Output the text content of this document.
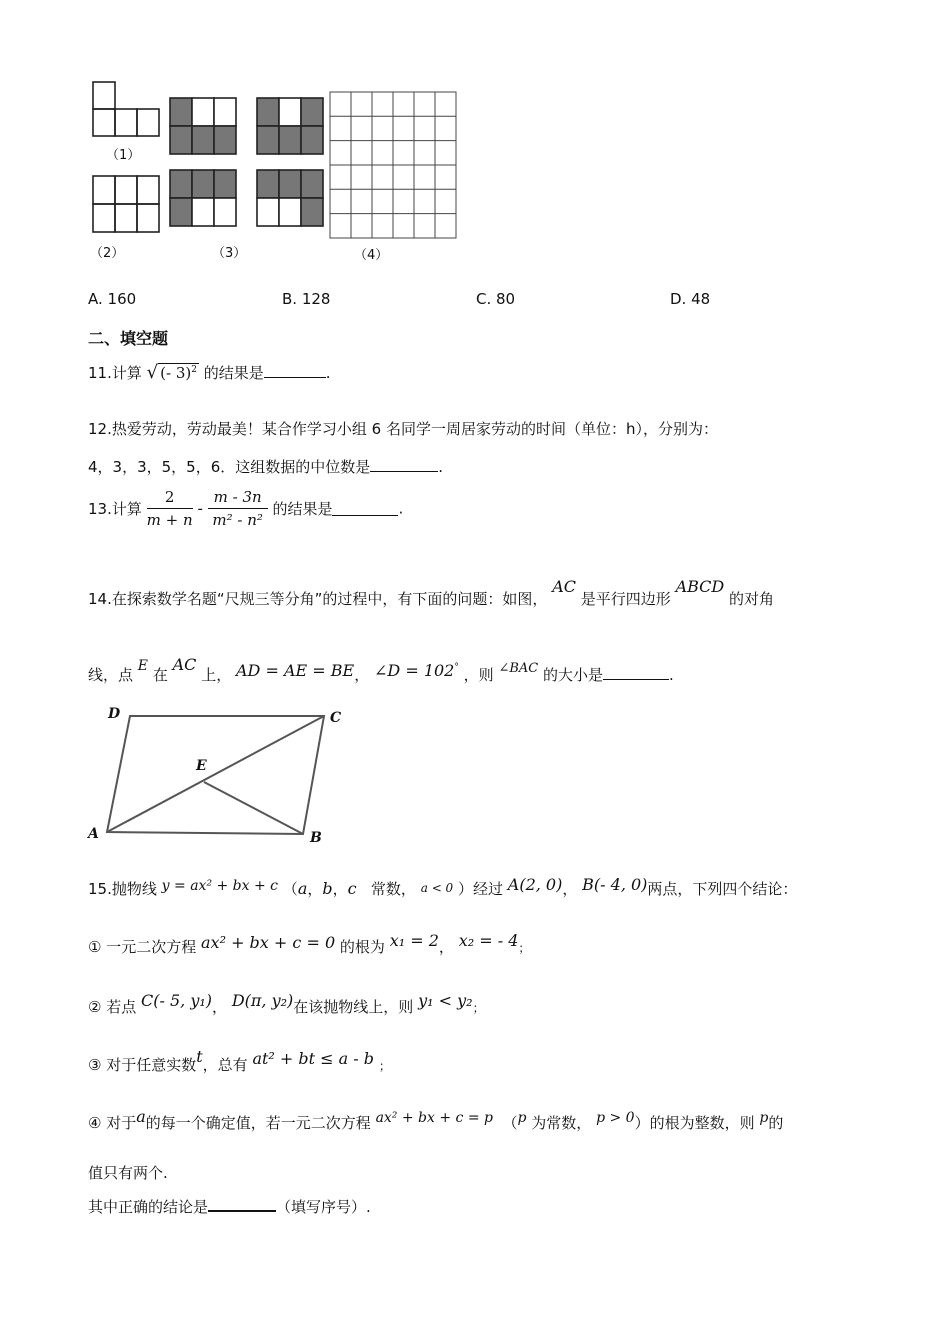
（1）
（2）	（3）	（4）
A. 160	B. 128	C. 80	D. 48
二、填空题
11.计算 √ (- 3)$^2$ 的结果是	.
12.热爱劳动，劳动最美！某合作学习小组 6 名同学一周居家劳动的时间（单位：h），分别为：
4，3，3，5，5，6．这组数据的中位数是	.
13.计算 $\frac{2}{m + n} - \frac{m - 3n}{\text{m² - n²}}$ 的结果是	.
14.在探索数学名题“尺规三等分角”的过程中，有下面的问题：如图， AC 是平行四边形 ABCD 的对角
线，点 E 在 AC 上， AD = AE = BE， ∠D = 102° ，则 ∠BAC 的大小是	.
D	C
E
A	B
15.抛物线 y = ax² + bx + c （a，b，c 常数， a < 0 ）经过 A(2, 0)， B(- 4, 0)两点，下列四个结论：
① 一元二次方程 ax² + bx + c = 0 的根为 x₁ = 2， x₂ = - 4；
② 若点 C(- 5, y₁)， D(π, y₂)在该抛物线上，则 y₁ < y₂；
③ 对于任意实数t，总有 at² + bt ≤ a - b ；
④ 对于a的每一个确定值，若一元二次方程 ax² + bx + c = p （p 为常数， p > 0）的根为整数，则 p的
值只有两个.
其中正确的结论是	（填写序号）.
